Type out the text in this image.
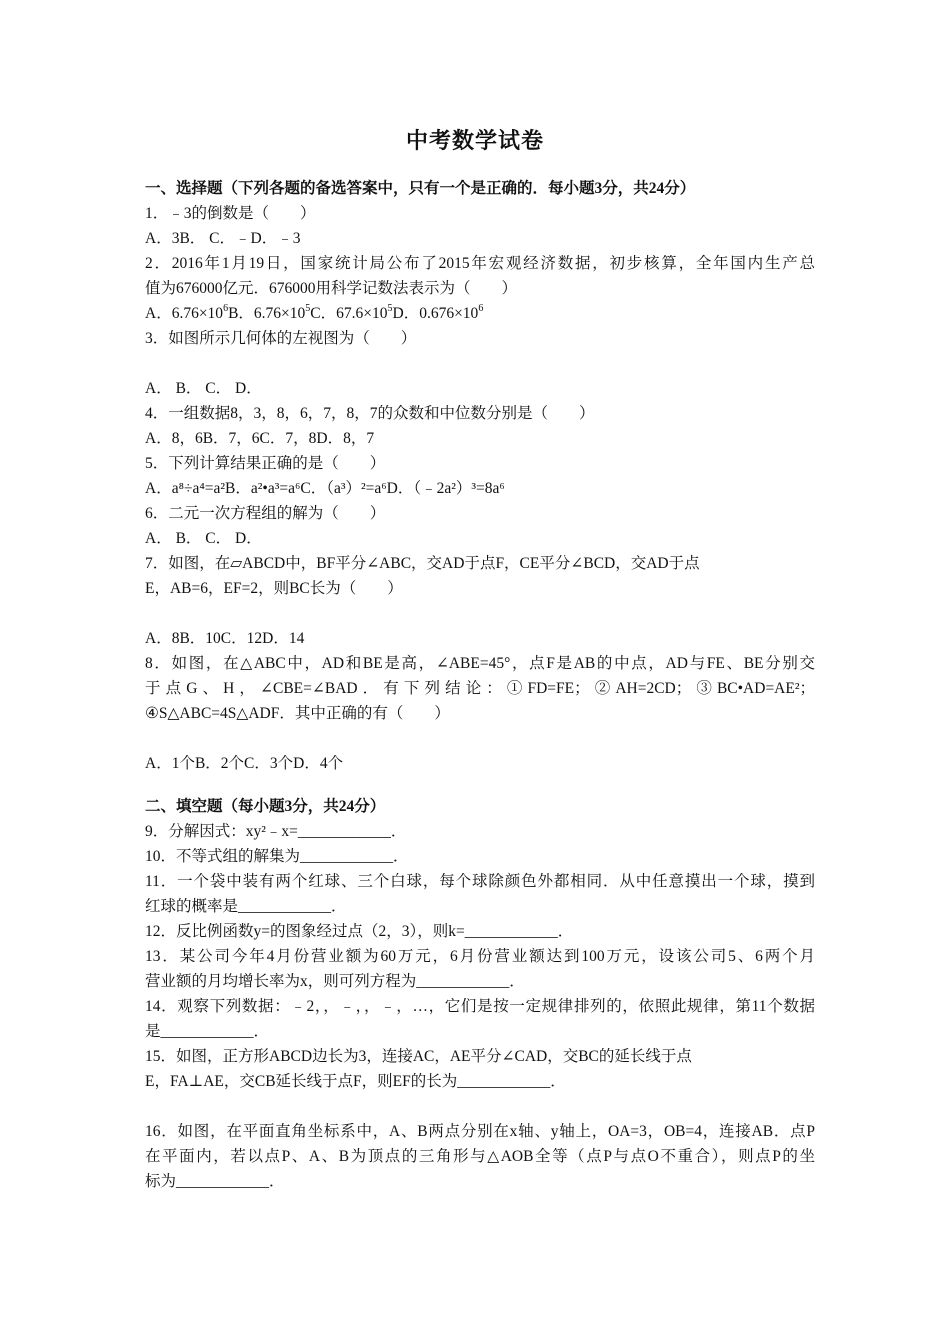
中考数学试卷
一、选择题（下列各题的备选答案中，只有一个是正确的．每小题3分，共24分）
1．﹣3的倒数是（　　）
A．3B． C．﹣D．﹣3
2．2016年1月19日，国家统计局公布了2015年宏观经济数据，初步核算，全年国内生产总
值为676000亿元．676000用科学记数法表示为（　　）
A．$6.76\times 10^6B$．$6.76\times 10^5C$．$67.6\times 10^5D$．$0.676\times 10^6$
3．如图所示几何体的左视图为（　　）
A． B． C． D．
4．一组数据8，3，8，6，7，8，7的众数和中位数分别是（　　）
A．8，6B．7，6C．7，8D．8，7
5．下列计算结果正确的是（　　）
A．a⁸÷a⁴=a²B．a²•a³=a⁶C．（a³）²=a⁶D．（﹣2a²）³=8a⁶
6．二元一次方程组的解为（　　）
A． B． C． D．
7．如图，在▱ABCD中，BF平分∠ABC，交AD于点F，CE平分∠BCD，交AD于点
E，AB=6，EF=2，则BC长为（　　）
A．8B．10C．12D．14
8．如图，在△ABC中，AD和BE是高，∠ABE=45°，点F是AB的中点，AD与FE、BE分别交
于点G、H，∠CBE=∠BAD．有下列结论：①FD=FE；②AH=2CD；③BC•AD=AE²；
④S△ABC=4S△ADF．其中正确的有（　　）
A．1个B．2个C．3个D．4个
二、填空题（每小题3分，共24分）
9．分解因式：xy²﹣x=____________．
10．不等式组的解集为____________．
11．一个袋中装有两个红球、三个白球，每个球除颜色外都相同．从中任意摸出一个球，摸到
红球的概率是____________．
12．反比例函数y=的图象经过点（2，3），则k=____________．
13．某公司今年4月份营业额为60万元，6月份营业额达到100万元，设该公司5、6两个月
营业额的月均增长率为x，则可列方程为____________．
14．观察下列数据：﹣2，，﹣，，﹣，…，它们是按一定规律排列的，依照此规律，第11个数据
是____________．
15．如图，正方形ABCD边长为3，连接AC，AE平分∠CAD，交BC的延长线于点
E，FA⊥AE，交CB延长线于点F，则EF的长为____________．
16．如图，在平面直角坐标系中，A、B两点分别在x轴、y轴上，OA=3，OB=4，连接AB．点P
在平面内，若以点P、A、B为顶点的三角形与△AOB全等（点P与点O不重合），则点P的坐
标为____________．
